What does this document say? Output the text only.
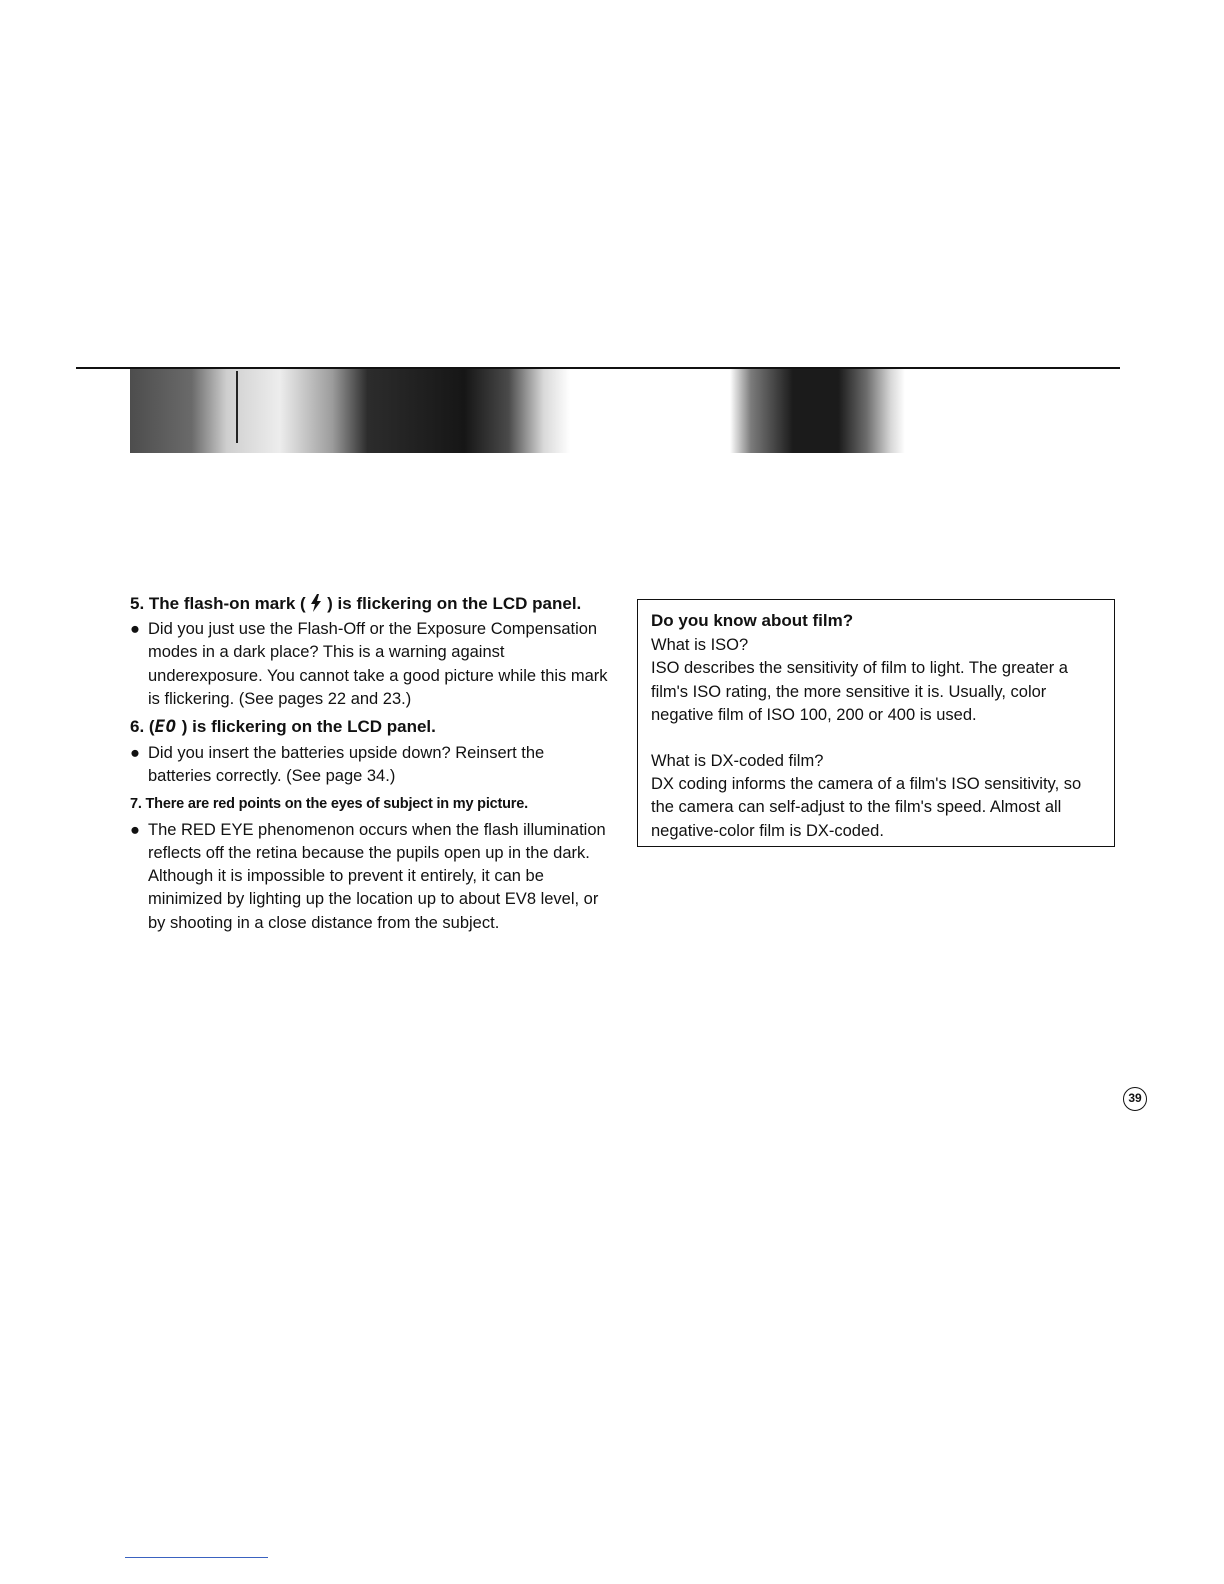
5. The flash-on mark ( ) is flickering on the LCD panel.
● Did you just use the Flash-Off or the Exposure Compensation modes in a dark place? This is a warning against underexposure. You cannot take a good picture while this mark is flickering. (See pages 22 and 23.)
6. (EO ) is flickering on the LCD panel.
● Did you insert the batteries upside down? Reinsert the batteries correctly. (See page 34.)
7. There are red points on the eyes of subject in my picture.
● The RED EYE phenomenon occurs when the flash illumination reflects off the retina because the pupils open up in the dark. Although it is impossible to prevent it entirely, it can be minimized by lighting up the location up to about EV8 level, or by shooting in a close distance from the subject.
Do you know about film?

What is ISO?

ISO describes the sensitivity of film to light. The greater a film's ISO rating, the more sensitive it is. Usually, color negative film of ISO 100, 200 or 400 is used.

What is DX-coded film?

DX coding informs the camera of a film's ISO sensitivity, so the camera can self-adjust to the film's speed. Almost all negative-color film is DX-coded.

39
